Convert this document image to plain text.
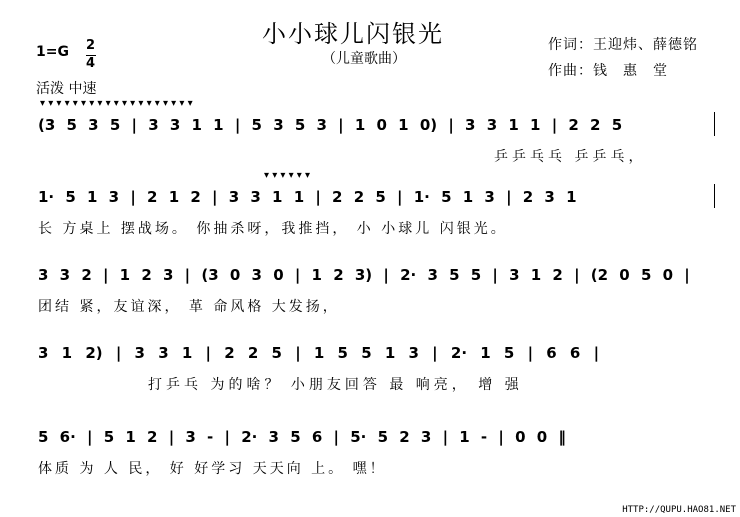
小小球儿闪银光
（儿童歌曲）
作词：王迎炜、薛德铭
作曲：钱　惠　堂
1=G 2
4
活泼 中速
▾ ▾ ▾ ▾ ▾ ▾ ▾ ▾ ▾ ▾ ▾ ▾ ▾ ▾ ▾ ▾ ▾ ▾ ▾
(3 5 3 5 | 3 3 1 1 | 5 3 5 3 | 1 0 1 0) | 3 3 1 1 | 2 2 5
乒乒乓乓 乒乒乓，
▾ ▾ ▾ ▾ ▾ ▾
1· 5 1 3 | 2 1 2 | 3 3 1 1 | 2 2 5 | 1· 5 1 3 | 2 3 1
长 方桌上 摆战场。 你抽杀呀，我推挡， 小 小球儿 闪银光。
3 3 2 | 1 2 3 | (3 0 3 0 | 1 2 3) | 2· 3 5 5 | 3 1 2 | (2 0 5 0 |
团结 紧，友谊深， 革 命风格 大发扬，
3 1 2) | 3 3 1 | 2 2 5 | 1 5 5 1 3 | 2· 1 5 | 6 6 |
打乒乓 为的啥？ 小朋友回答 最 响亮， 增 强
5 6· | 5 1 2 | 3 - | 2· 3 5 6 | 5· 5 2 3 | 1 - | 0 0 ‖
体质 为 人 民， 好 好学习 天天向 上。 嘿！
HTTP://QUPU.HAO81.NET
